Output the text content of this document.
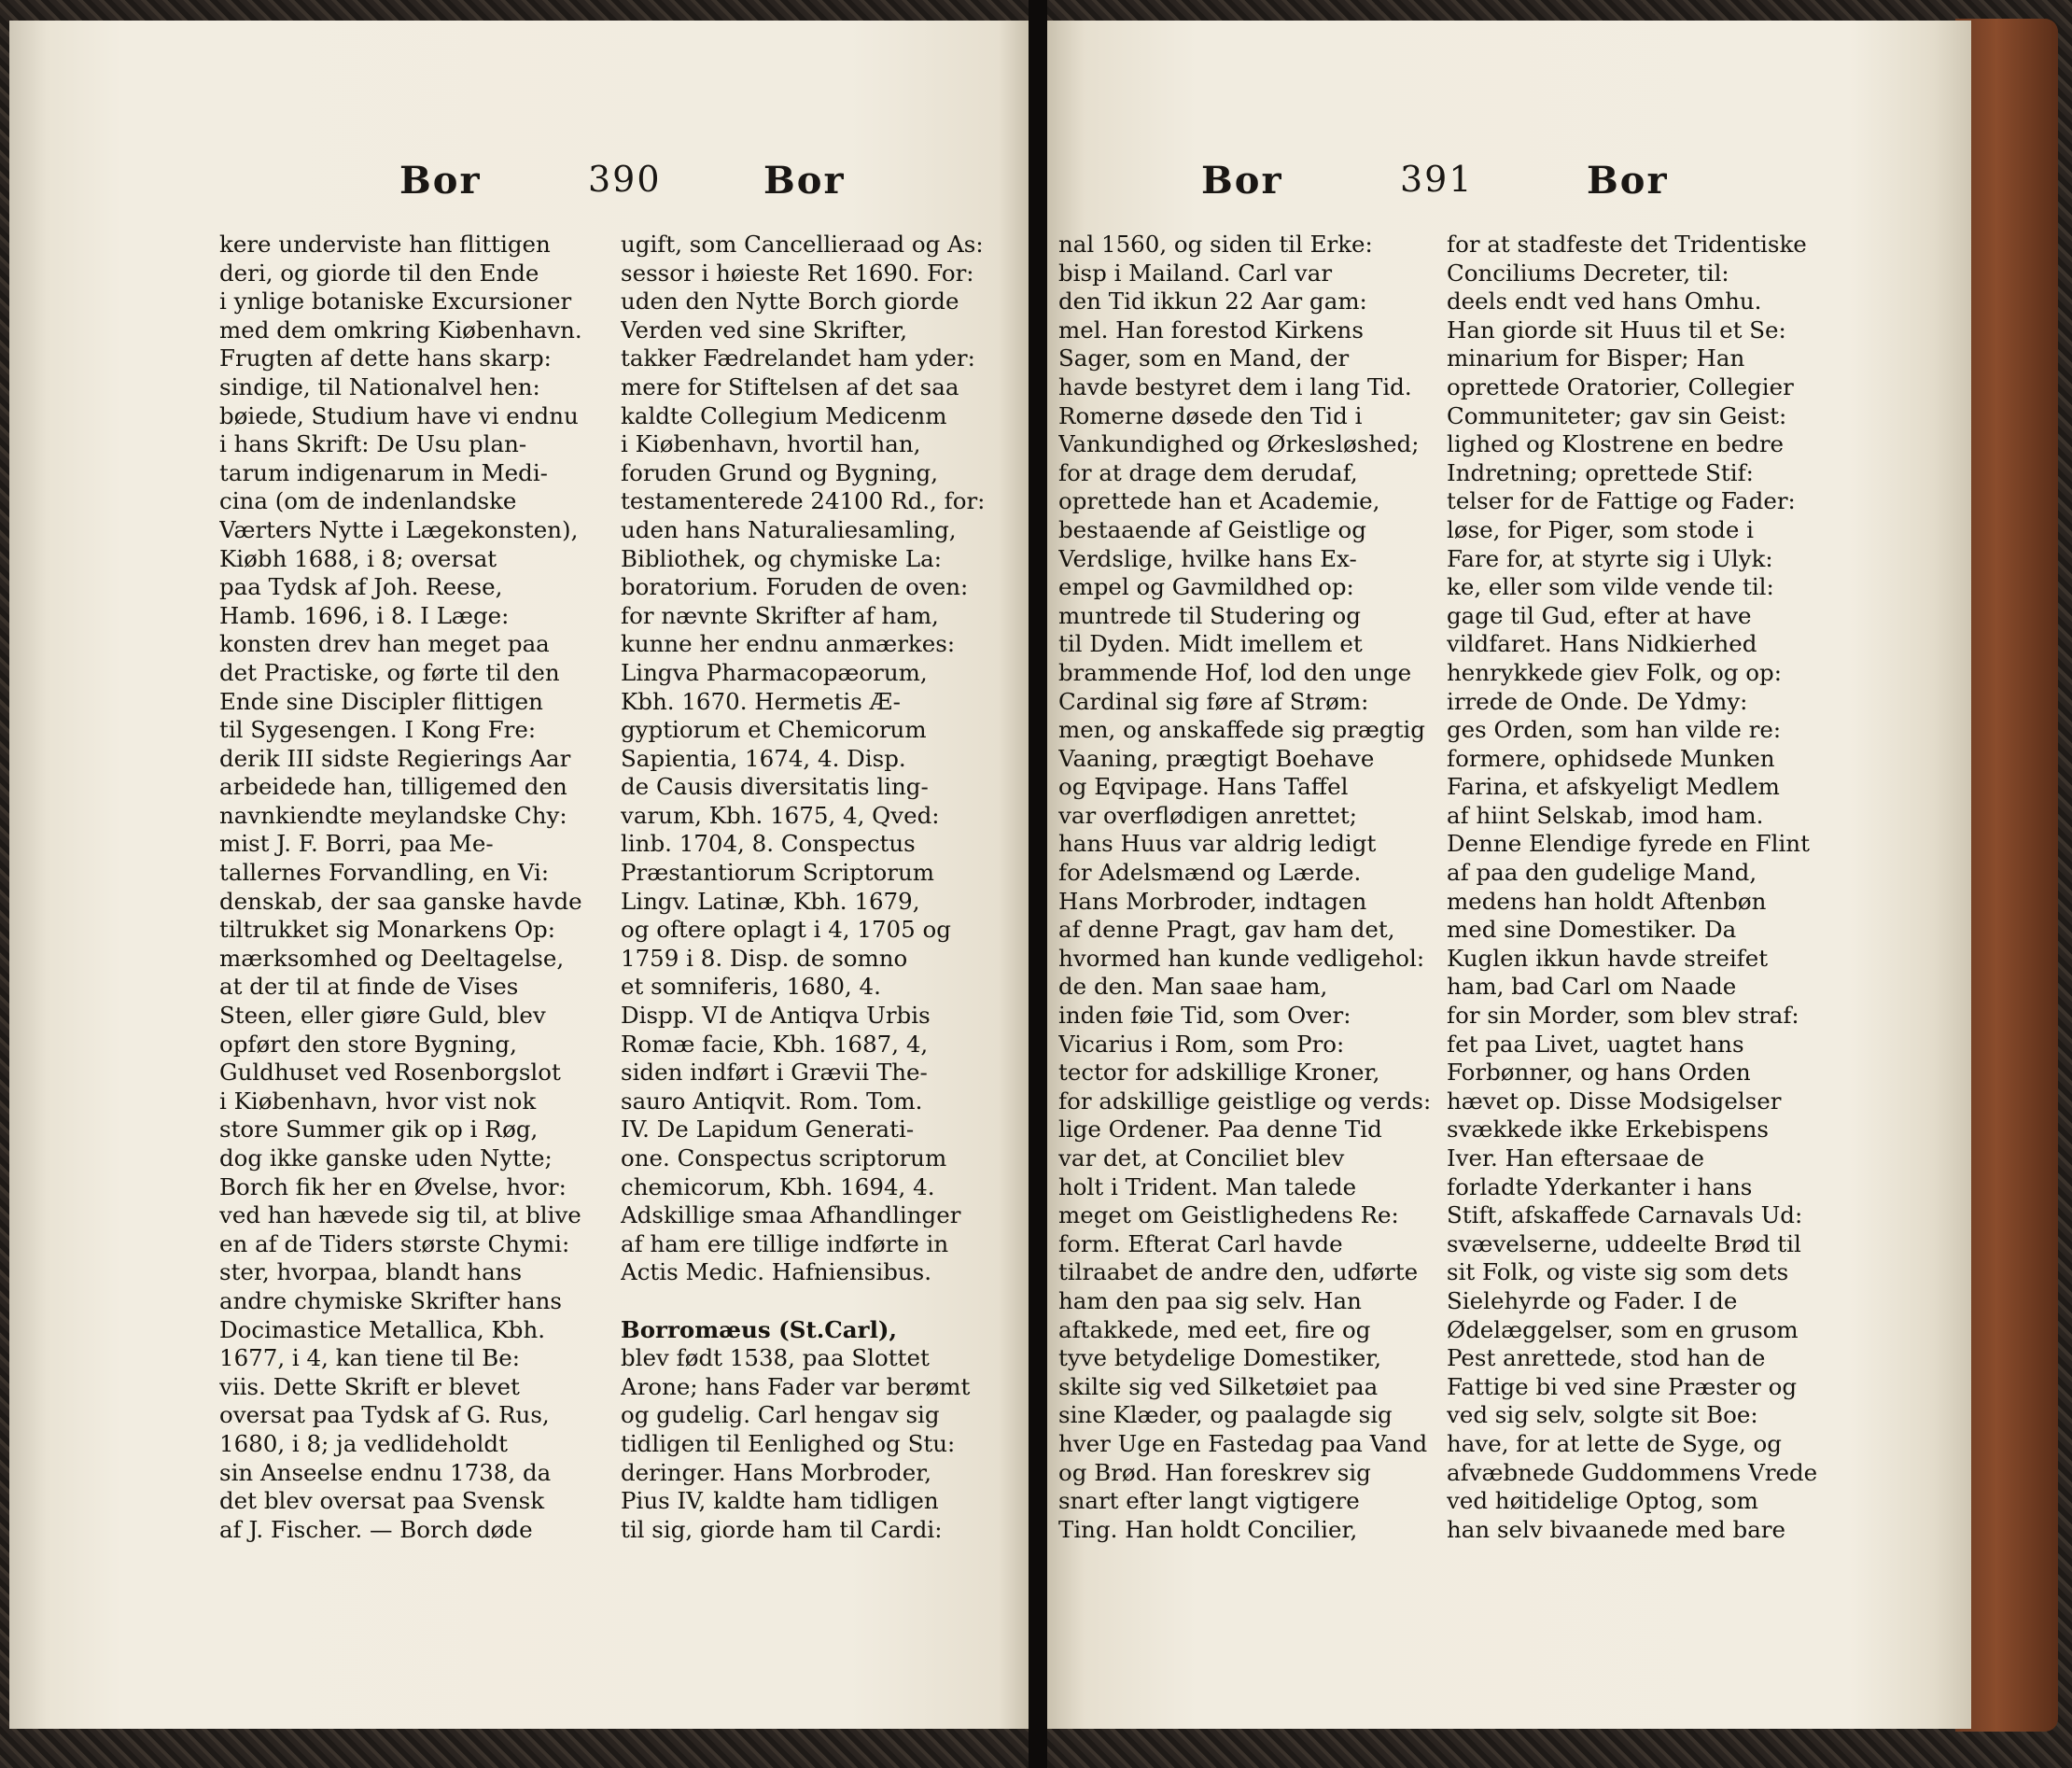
Bor	390	Bor
kere underviste han flittigen
deri, og giorde til den Ende
i ynlige botaniske Excursioner
med dem omkring Kiøbenhavn.
Frugten af dette hans skarp:
sindige, til Nationalvel hen:
bøiede, Studium have vi endnu
i hans Skrift: De Usu plan-
tarum indigenarum in Medi-
cina (om de indenlandske
Værters Nytte i Lægekonsten),
Kiøbh 1688, i 8; oversat
paa Tydsk af Joh. Reese,
Hamb. 1696, i 8. I Læge:
konsten drev han meget paa
det Practiske, og førte til den
Ende sine Discipler flittigen
til Sygesengen. I Kong Fre:
derik III sidste Regierings Aar
arbeidede han, tilligemed den
navnkiendte meylandske Chy:
mist J. F. Borri, paa Me-
tallernes Forvandling, en Vi:
denskab, der saa ganske havde
tiltrukket sig Monarkens Op:
mærksomhed og Deeltagelse,
at der til at finde de Vises
Steen, eller giøre Guld, blev
opført den store Bygning,
Guldhuset ved Rosenborgslot
i Kiøbenhavn, hvor vist nok
store Summer gik op i Røg,
dog ikke ganske uden Nytte;
Borch fik her en Øvelse, hvor:
ved han hævede sig til, at blive
en af de Tiders største Chymi:
ster, hvorpaa, blandt hans
andre chymiske Skrifter hans
Docimastice Metallica, Kbh.
1677, i 4, kan tiene til Be:
viis. Dette Skrift er blevet
oversat paa Tydsk af G. Rus,
1680, i 8; ja vedlideholdt
sin Anseelse endnu 1738, da
det blev oversat paa Svensk
af J. Fischer. — Borch døde
ugift, som Cancellieraad og As:
sessor i høieste Ret 1690. For:
uden den Nytte Borch giorde
Verden ved sine Skrifter,
takker Fædrelandet ham yder:
mere for Stiftelsen af det saa
kaldte Collegium Medicenm
i Kiøbenhavn, hvortil han,
foruden Grund og Bygning,
testamenterede 24100 Rd., for:
uden hans Naturaliesamling,
Bibliothek, og chymiske La:
boratorium. Foruden de oven:
for nævnte Skrifter af ham,
kunne her endnu anmærkes:
Lingva Pharmacopæorum,
Kbh. 1670. Hermetis Æ-
gyptiorum et Chemicorum
Sapientia, 1674, 4. Disp.
de Causis diversitatis ling-
varum, Kbh. 1675, 4, Qved:
linb. 1704, 8. Conspectus
Præstantiorum Scriptorum
Lingv. Latinæ, Kbh. 1679,
og oftere oplagt i 4, 1705 og
1759 i 8. Disp. de somno
et somniferis, 1680, 4.
Dispp. VI de Antiqva Urbis
Romæ facie, Kbh. 1687, 4,
siden indført i Grævii The-
sauro Antiqvit. Rom. Tom.
IV. De Lapidum Generati-
one. Conspectus scriptorum
chemicorum, Kbh. 1694, 4.
Adskillige smaa Afhandlinger
af ham ere tillige indførte in
Actis Medic. Hafniensibus.
Borromæus (St.Carl),
blev født 1538, paa Slottet
Arone; hans Fader var berømt
og gudelig. Carl hengav sig
tidligen til Eenlighed og Stu:
deringer. Hans Morbroder,
Pius IV, kaldte ham tidligen
til sig, giorde ham til Cardi:
Bor	391	Bor
nal 1560, og siden til Erke:
bisp i Mailand. Carl var
den Tid ikkun 22 Aar gam:
mel. Han forestod Kirkens
Sager, som en Mand, der
havde bestyret dem i lang Tid.
Romerne døsede den Tid i
Vankundighed og Ørkesløshed;
for at drage dem derudaf,
oprettede han et Academie,
bestaaende af Geistlige og
Verdslige, hvilke hans Ex-
empel og Gavmildhed op:
muntrede til Studering og
til Dyden. Midt imellem et
brammende Hof, lod den unge
Cardinal sig føre af Strøm:
men, og anskaffede sig prægtig
Vaaning, prægtigt Boehave
og Eqvipage. Hans Taffel
var overflødigen anrettet;
hans Huus var aldrig ledigt
for Adelsmænd og Lærde.
Hans Morbroder, indtagen
af denne Pragt, gav ham det,
hvormed han kunde vedligehol:
de den. Man saae ham,
inden føie Tid, som Over:
Vicarius i Rom, som Pro:
tector for adskillige Kroner,
for adskillige geistlige og verds:
lige Ordener. Paa denne Tid
var det, at Conciliet blev
holt i Trident. Man talede
meget om Geistlighedens Re:
form. Efterat Carl havde
tilraabet de andre den, udførte
ham den paa sig selv. Han
aftakkede, med eet, fire og
tyve betydelige Domestiker,
skilte sig ved Silketøiet paa
sine Klæder, og paalagde sig
hver Uge en Fastedag paa Vand
og Brød. Han foreskrev sig
snart efter langt vigtigere
Ting. Han holdt Concilier,
for at stadfeste det Tridentiske
Conciliums Decreter, til:
deels endt ved hans Omhu.
Han giorde sit Huus til et Se:
minarium for Bisper; Han
oprettede Oratorier, Collegier
Communiteter; gav sin Geist:
lighed og Klostrene en bedre
Indretning; oprettede Stif:
telser for de Fattige og Fader:
løse, for Piger, som stode i
Fare for, at styrte sig i Ulyk:
ke, eller som vilde vende til:
gage til Gud, efter at have
vildfaret. Hans Nidkierhed
henrykkede giev Folk, og op:
irrede de Onde. De Ydmy:
ges Orden, som han vilde re:
formere, ophidsede Munken
Farina, et afskyeligt Medlem
af hiint Selskab, imod ham.
Denne Elendige fyrede en Flint
af paa den gudelige Mand,
medens han holdt Aftenbøn
med sine Domestiker. Da
Kuglen ikkun havde streifet
ham, bad Carl om Naade
for sin Morder, som blev straf:
fet paa Livet, uagtet hans
Forbønner, og hans Orden
hævet op. Disse Modsigelser
svækkede ikke Erkebispens
Iver. Han eftersaae de
forladte Yderkanter i hans
Stift, afskaffede Carnavals Ud:
svævelserne, uddeelte Brød til
sit Folk, og viste sig som dets
Sielehyrde og Fader. I de
Ødelæggelser, som en grusom
Pest anrettede, stod han de
Fattige bi ved sine Præster og
ved sig selv, solgte sit Boe:
have, for at lette de Syge, og
afvæbnede Guddommens Vrede
ved høitidelige Optog, som
han selv bivaanede med bare
